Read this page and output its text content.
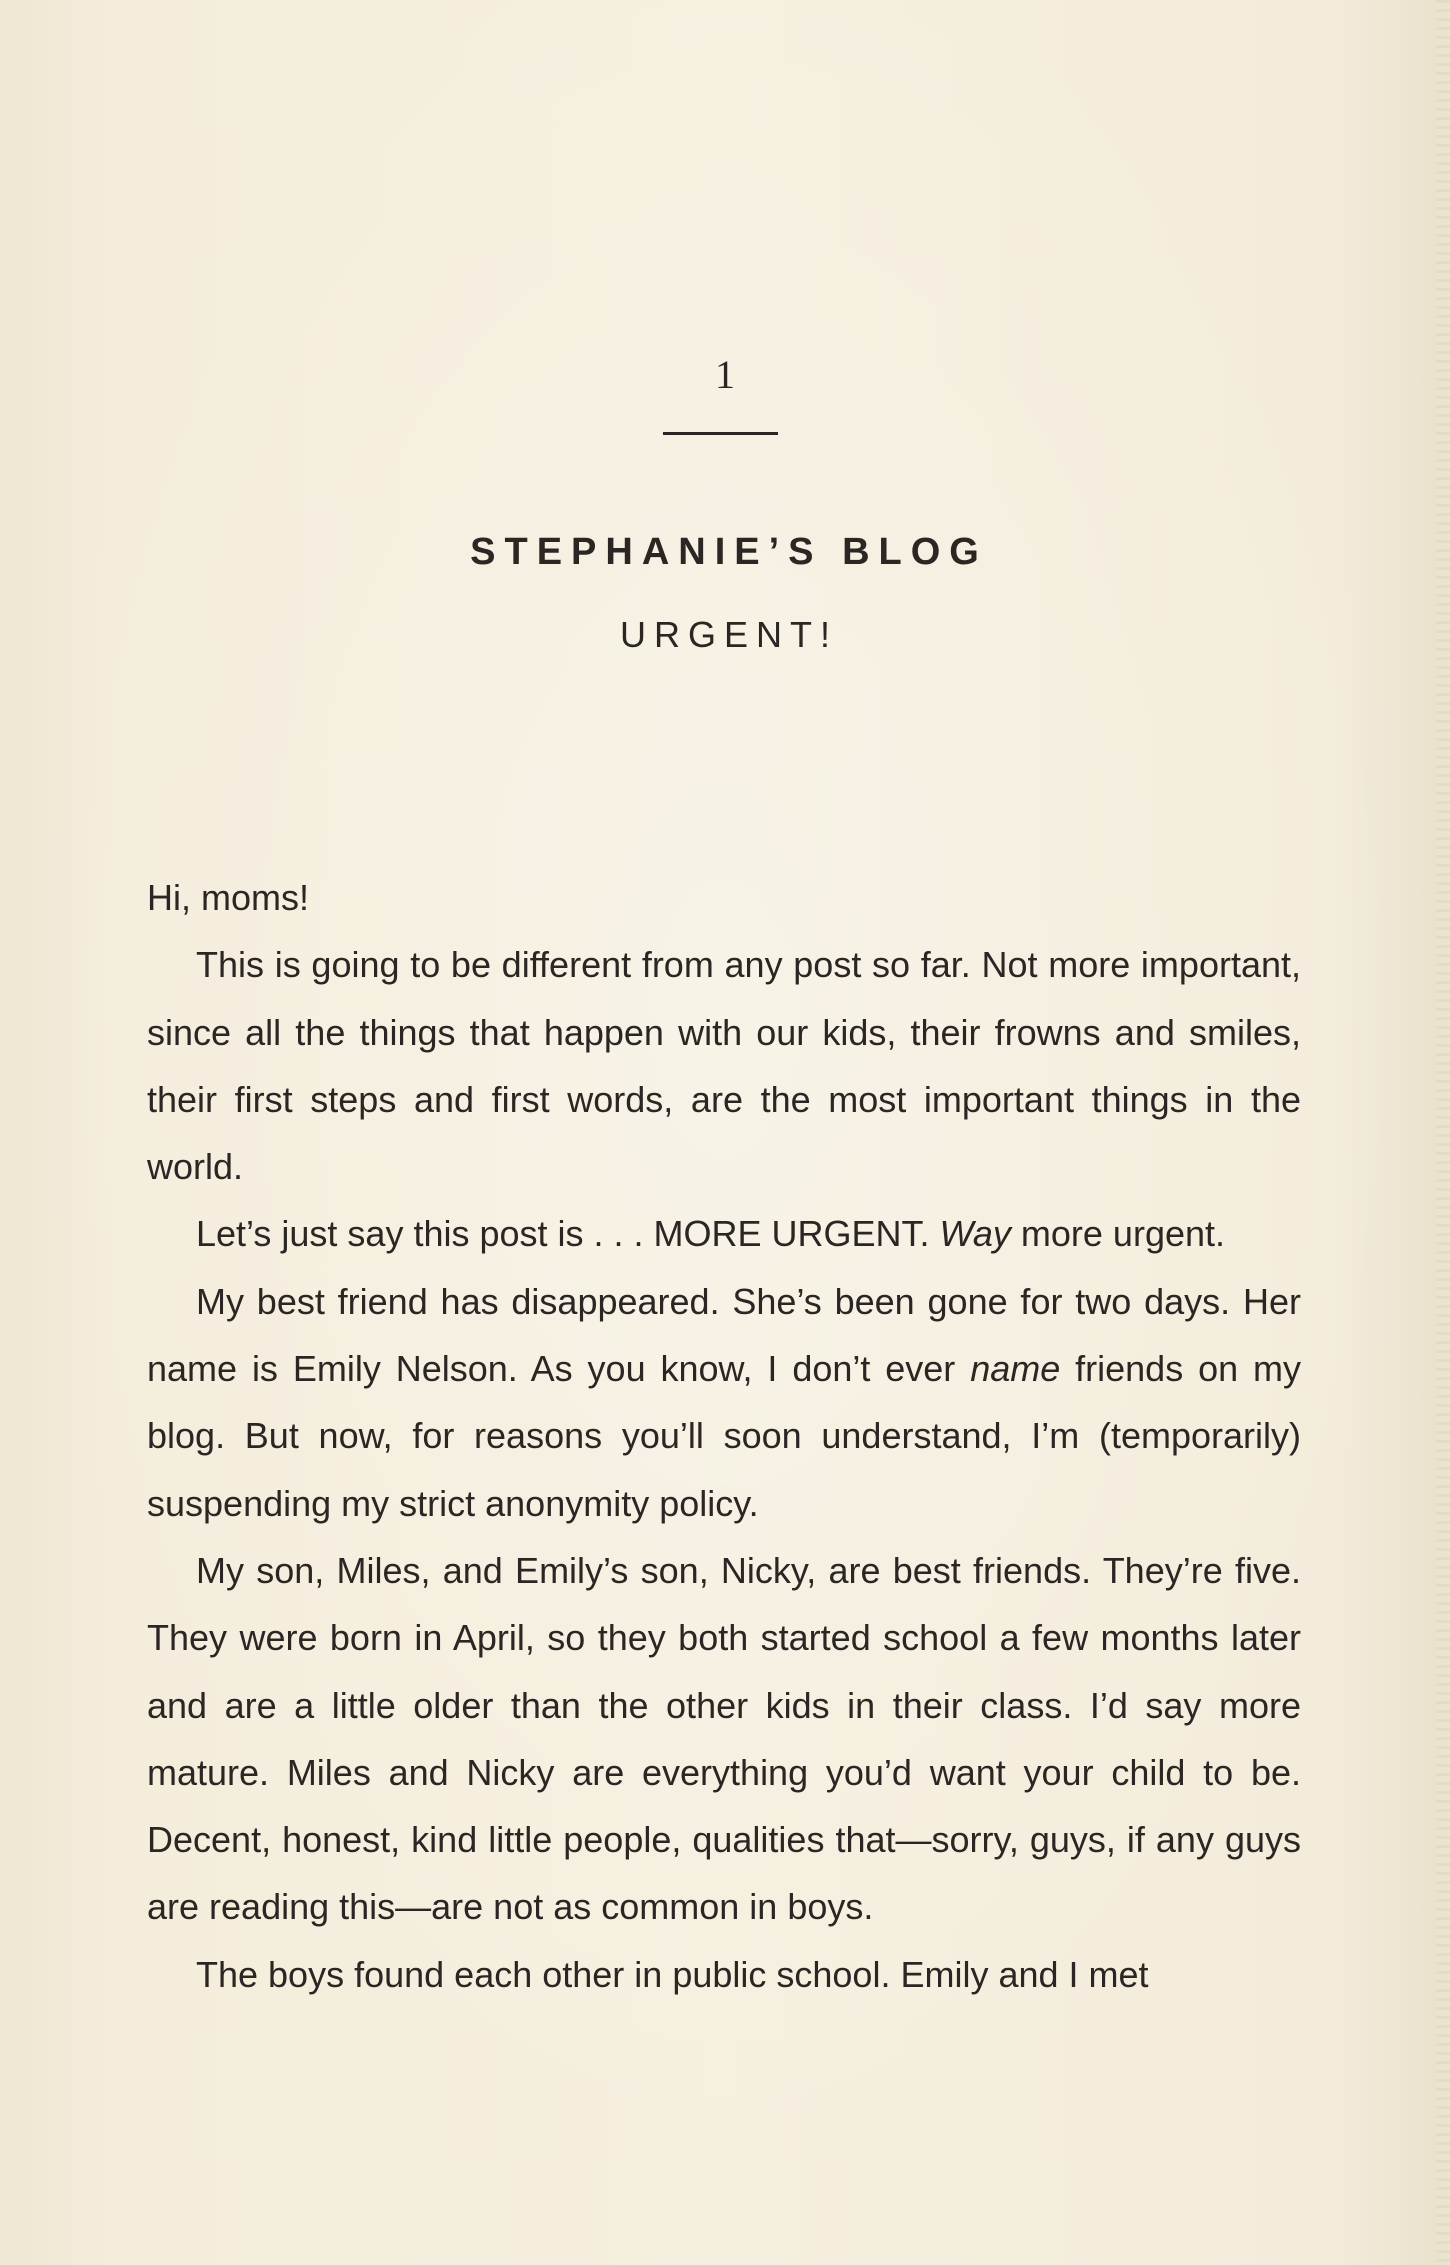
1
STEPHANIE’S BLOG
URGENT!

Hi, moms!

This is going to be different from any post so far. Not more important, since all the things that happen with our kids, their frowns and smiles, their first steps and first words, are the most important things in the world.

Let’s just say this post is . . . MORE URGENT. Way more urgent.

My best friend has disappeared. She’s been gone for two days. Her name is Emily Nelson. As you know, I don’t ever name friends on my blog. But now, for reasons you’ll soon understand, I’m (temporarily) suspending my strict anonymity policy.

My son, Miles, and Emily’s son, Nicky, are best friends. They’re five. They were born in April, so they both started school a few months later and are a little older than the other kids in their class. I’d say more mature. Miles and Nicky are everything you’d want your child to be. Decent, honest, kind little people, qualities that—sorry, guys, if any guys are reading this—are not as common in boys.

The boys found each other in public school. Emily and I met
